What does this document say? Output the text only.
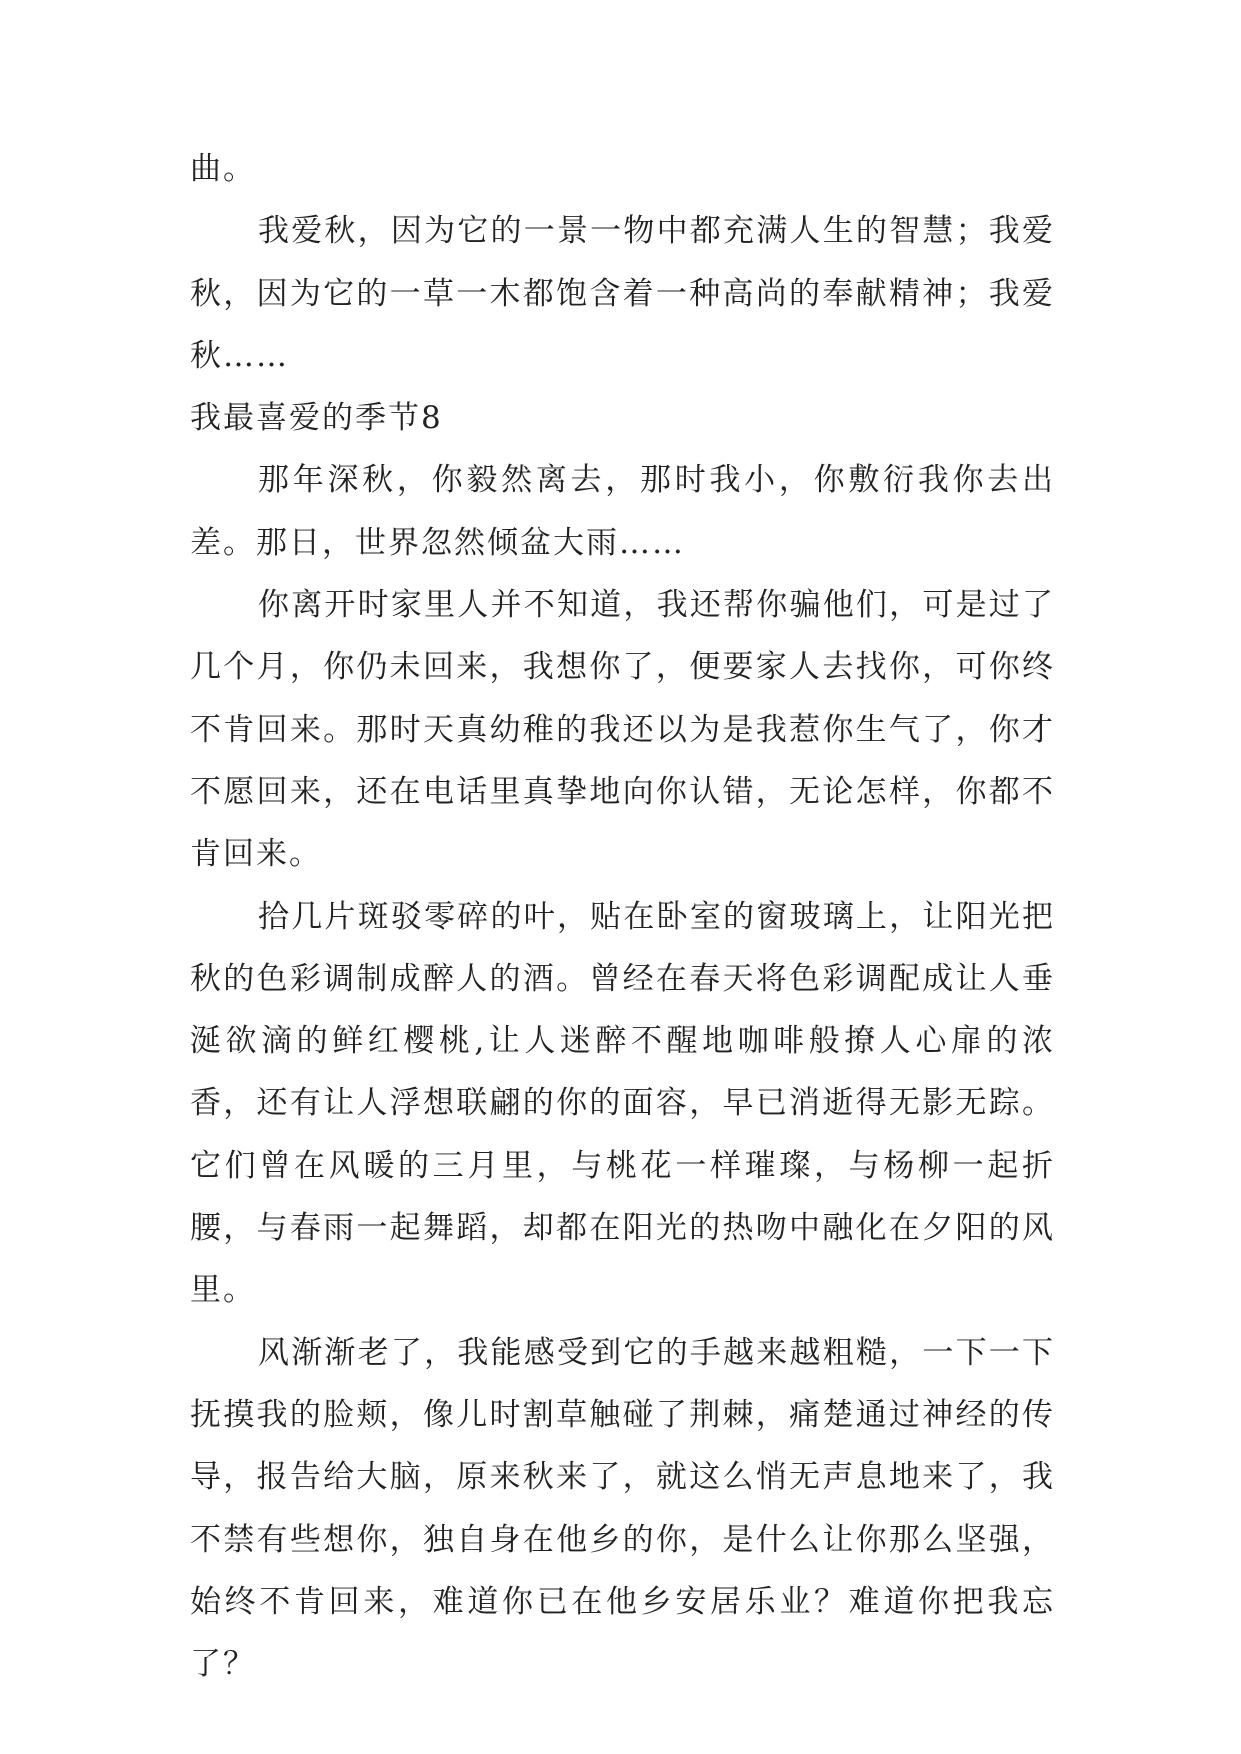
曲。

我爱秋，因为它的一景一物中都充满人生的智慧；我爱秋，因为它的一草一木都饱含着一种高尚的奉献精神；我爱秋……

我最喜爱的季节8

那年深秋，你毅然离去，那时我小，你敷衍我你去出差。那日，世界忽然倾盆大雨……

你离开时家里人并不知道，我还帮你骗他们，可是过了几个月，你仍未回来，我想你了，便要家人去找你，可你终不肯回来。那时天真幼稚的我还以为是我惹你生气了，你才不愿回来，还在电话里真挚地向你认错，无论怎样，你都不肯回来。

拾几片斑驳零碎的叶，贴在卧室的窗玻璃上，让阳光把秋的色彩调制成醉人的酒。曾经在春天将色彩调配成让人垂涎欲滴的鲜红樱桃,让人迷醉不醒地咖啡般撩人心扉的浓香，还有让人浮想联翩的你的面容，早已消逝得无影无踪。它们曾在风暖的三月里，与桃花一样璀璨，与杨柳一起折腰，与春雨一起舞蹈，却都在阳光的热吻中融化在夕阳的风里。

风渐渐老了，我能感受到它的手越来越粗糙，一下一下抚摸我的脸颊，像儿时割草触碰了荆棘，痛楚通过神经的传导，报告给大脑，原来秋来了，就这么悄无声息地来了，我不禁有些想你，独自身在他乡的你，是什么让你那么坚强，始终不肯回来，难道你已在他乡安居乐业？难道你把我忘了？
